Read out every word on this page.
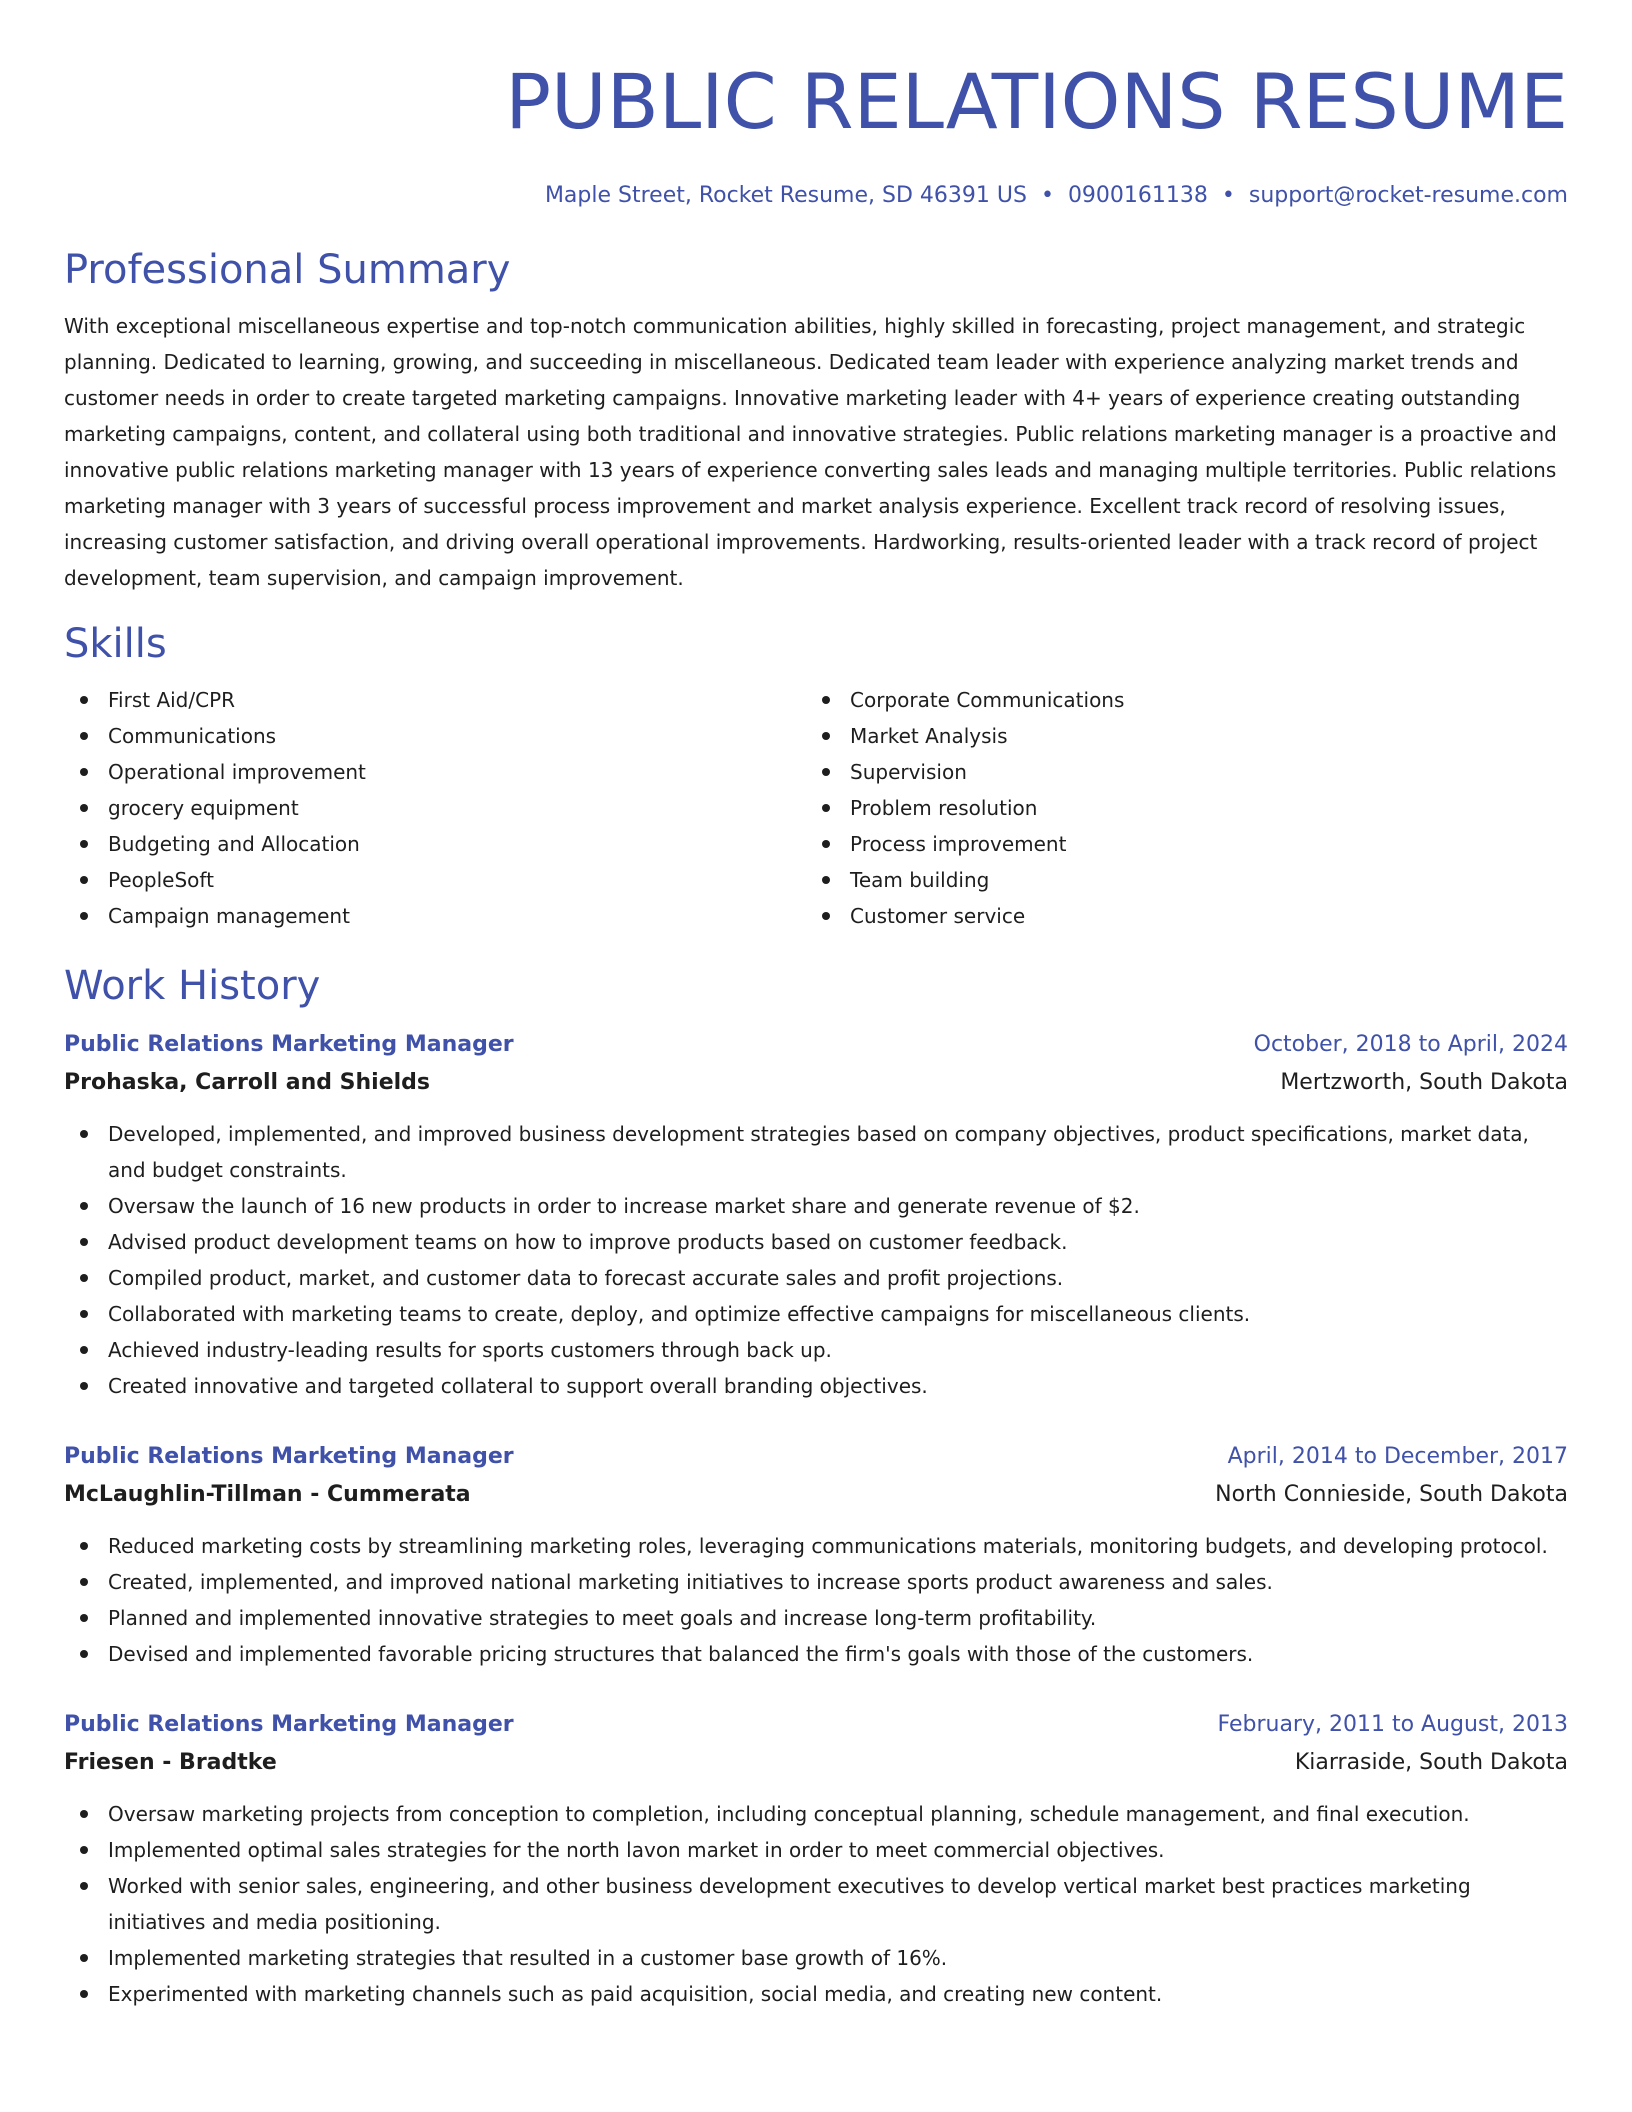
PUBLIC RELATIONS RESUME
Maple Street, Rocket Resume, SD 46391 US • 0900161138 • support@rocket-resume.com
Professional Summary
With exceptional miscellaneous expertise and top-notch communication abilities, highly skilled in forecasting, project management, and strategic planning. Dedicated to learning, growing, and succeeding in miscellaneous. Dedicated team leader with experience analyzing market trends and customer needs in order to create targeted marketing campaigns. Innovative marketing leader with 4+ years of experience creating outstanding marketing campaigns, content, and collateral using both traditional and innovative strategies. Public relations marketing manager is a proactive and innovative public relations marketing manager with 13 years of experience converting sales leads and managing multiple territories. Public relations marketing manager with 3 years of successful process improvement and market analysis experience. Excellent track record of resolving issues, increasing customer satisfaction, and driving overall operational improvements. Hardworking, results-oriented leader with a track record of project development, team supervision, and campaign improvement.
Skills
First Aid/CPR
Communications
Operational improvement
grocery equipment
Budgeting and Allocation
PeopleSoft
Campaign management
Corporate Communications
Market Analysis
Supervision
Problem resolution
Process improvement
Team building
Customer service
Work History
Public Relations Marketing Manager	October, 2018 to April, 2024
Prohaska, Carroll and Shields	Mertzworth, South Dakota
Developed, implemented, and improved business development strategies based on company objectives, product specifications, market data, and budget constraints.
Oversaw the launch of 16 new products in order to increase market share and generate revenue of $2.
Advised product development teams on how to improve products based on customer feedback.
Compiled product, market, and customer data to forecast accurate sales and profit projections.
Collaborated with marketing teams to create, deploy, and optimize effective campaigns for miscellaneous clients.
Achieved industry-leading results for sports customers through back up.
Created innovative and targeted collateral to support overall branding objectives.
Public Relations Marketing Manager	April, 2014 to December, 2017
McLaughlin-Tillman - Cummerata	North Connieside, South Dakota
Reduced marketing costs by streamlining marketing roles, leveraging communications materials, monitoring budgets, and developing protocol.
Created, implemented, and improved national marketing initiatives to increase sports product awareness and sales.
Planned and implemented innovative strategies to meet goals and increase long-term profitability.
Devised and implemented favorable pricing structures that balanced the firm's goals with those of the customers.
Public Relations Marketing Manager	February, 2011 to August, 2013
Friesen - Bradtke	Kiarraside, South Dakota
Oversaw marketing projects from conception to completion, including conceptual planning, schedule management, and final execution.
Implemented optimal sales strategies for the north lavon market in order to meet commercial objectives.
Worked with senior sales, engineering, and other business development executives to develop vertical market best practices marketing initiatives and media positioning.
Implemented marketing strategies that resulted in a customer base growth of 16%.
Experimented with marketing channels such as paid acquisition, social media, and creating new content.
